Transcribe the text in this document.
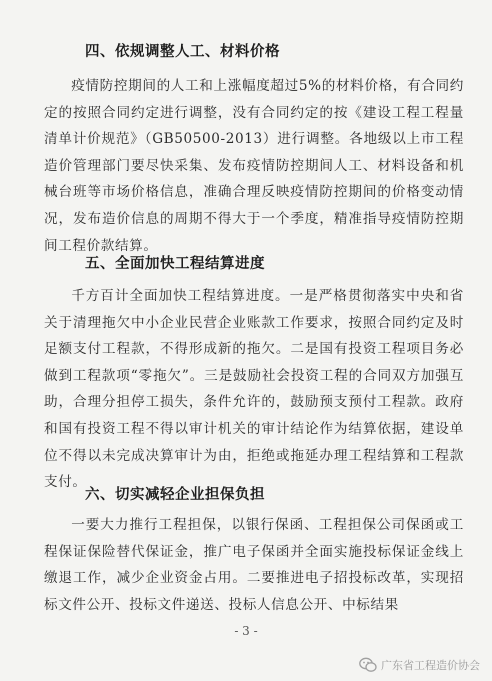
四、依规调整人工、材料价格

疫情防控期间的人工和上涨幅度超过5%的材料价格，有合同约定的按照合同约定进行调整，没有合同约定的按《建设工程工程量清单计价规范》（GB50500-2013）进行调整。各地级以上市工程造价管理部门要尽快采集、发布疫情防控期间人工、材料设备和机械台班等市场价格信息，准确合理反映疫情防控期间的价格变动情况，发布造价信息的周期不得大于一个季度，精准指导疫情防控期间工程价款结算。

五、全面加快工程结算进度

千方百计全面加快工程结算进度。一是严格贯彻落实中央和省关于清理拖欠中小企业民营企业账款工作要求，按照合同约定及时足额支付工程款，不得形成新的拖欠。二是国有投资工程项目务必做到工程款项“零拖欠”。三是鼓励社会投资工程的合同双方加强互助，合理分担停工损失，条件允许的，鼓励预支预付工程款。政府和国有投资工程不得以审计机关的审计结论作为结算依据，建设单位不得以未完成决算审计为由，拒绝或拖延办理工程结算和工程款支付。

六、切实减轻企业担保负担

一要大力推行工程担保，以银行保函、工程担保公司保函或工程保证保险替代保证金，推广电子保函并全面实施投标保证金线上缴退工作，减少企业资金占用。二要推进电子招投标改革，实现招标文件公开、投标文件递送、投标人信息公开、中标结果

- 3 -
广东省工程造价协会
